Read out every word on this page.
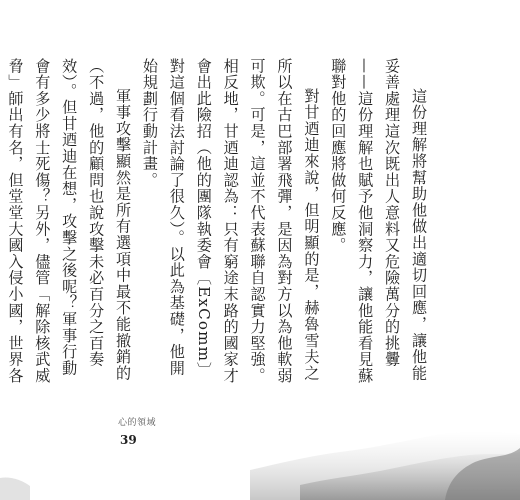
這份理解將幫助他做出適切回應，讓他能妥善處理這次既出人意料又危險萬分的挑釁——這份理解也賦予他洞察力，讓他能看見蘇聯對他的回應將做何反應。

對甘迺迪來說，但明顯的是，赫魯雪夫之所以在古巴部署飛彈，是因為對方以為他軟弱可欺。可是，這並不代表蘇聯自認實力堅強。相反地，甘迺迪認為：只有窮途末路的國家才會出此險招（他的團隊執委會〔ExComm〕對這個看法討論了很久）。以此為基礎，他開始規劃行動計畫。

軍事攻擊顯然是所有選項中最不能撤銷的（不過，他的顧問也說攻擊未必百分之百奏效）。但甘迺迪在想，攻擊之後呢？軍事行動會有多少將士死傷？另外，儘管「解除核武威脅」師出有名，但堂堂大國入侵小國，世界各

心的領域
39
